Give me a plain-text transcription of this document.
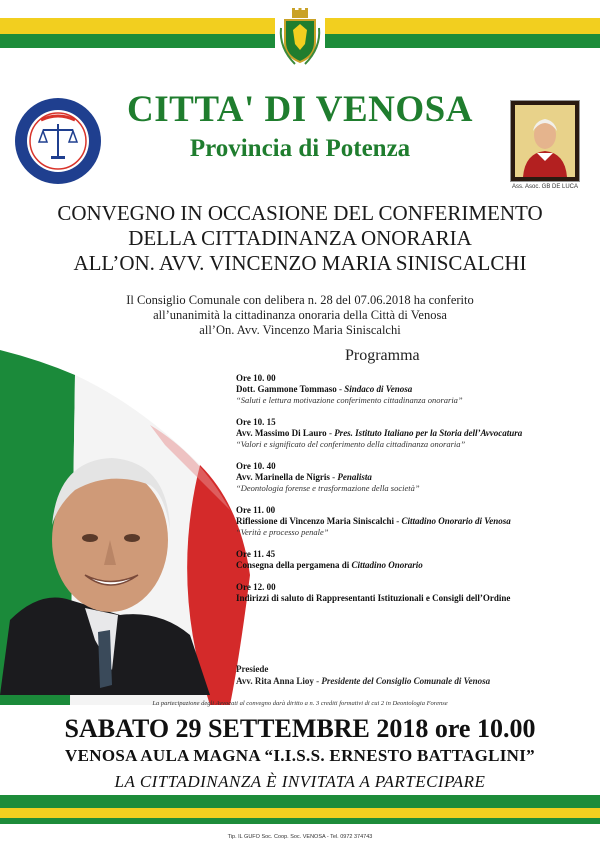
Ass. Asoc. GB DE LUCA
CITTA' DI VENOSA
Provincia di Potenza
CONVEGNO IN OCCASIONE DEL CONFERIMENTO
DELLA CITTADINANZA ONORARIA
ALL’ON. AVV. VINCENZO MARIA SINISCALCHI
Il Consiglio Comunale con delibera n. 28 del 07.06.2018 ha conferito
all’unanimità la cittadinanza onoraria della Città di Venosa
all’On. Avv. Vincenzo Maria Siniscalchi
Programma
Ore 10. 00
Dott. Gammone Tommaso - Sindaco di Venosa
“Saluti e lettura motivazione conferimento cittadinanza onoraria”
Ore 10. 15
Avv. Massimo Di Lauro - Pres. Istituto Italiano per la Storia dell’Avvocatura
“Valori e significato del conferimento della cittadinanza onoraria”
Ore 10. 40
Avv. Marinella de Nigris - Penalista
“Deontologia forense e trasformazione della società”
Ore 11. 00
Riflessione di Vincenzo Maria Siniscalchi - Cittadino Onorario di Venosa
“Verità e processo penale”
Ore 11. 45
Consegna della pergamena di Cittadino Onorario
Ore 12. 00
Indirizzi di saluto di Rappresentanti Istituzionali e Consigli dell’Ordine
Presiede
Avv. Rita Anna Lioy - Presidente del Consiglio Comunale di Venosa
La partecipazione degli Avvocati al convegno darà diritto a n. 3 crediti formativi di cui 2 in Deontologia Forense
SABATO 29 SETTEMBRE 2018 ore 10.00
VENOSA AULA MAGNA “I.I.S.S. ERNESTO BATTAGLINI”
LA CITTADINANZA È INVITATA A PARTECIPARE
Tip. IL GUFO Soc. Coop. Soc. VENOSA - Tel. 0972 374743
